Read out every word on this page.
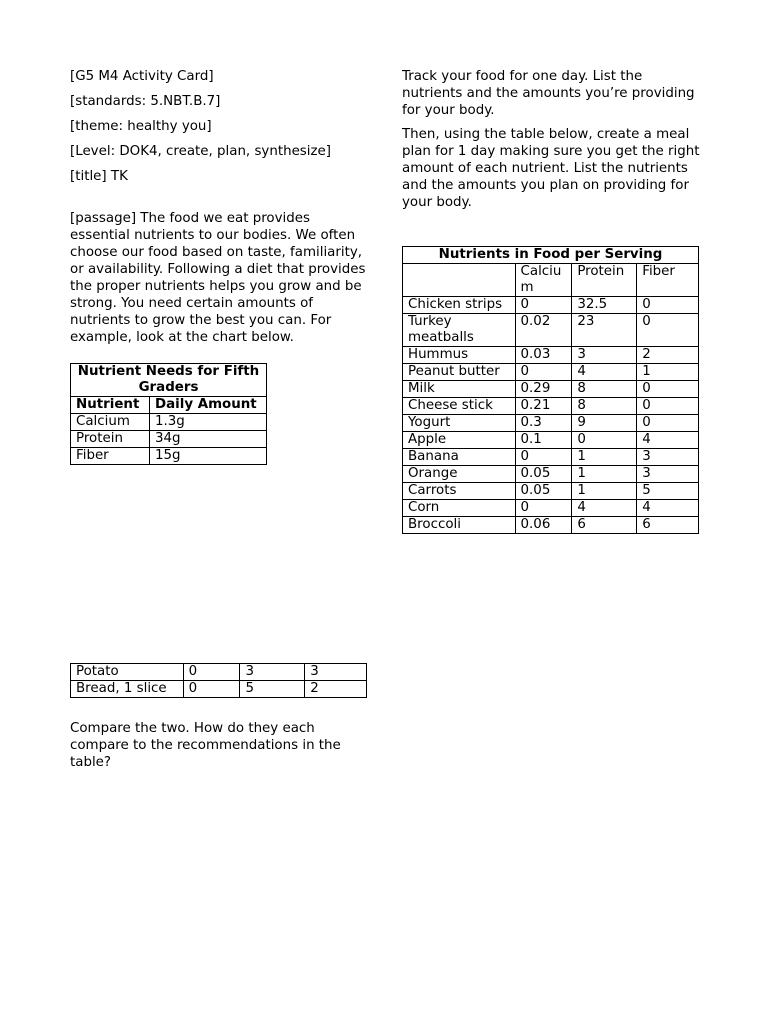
[G5 M4 Activity Card]

[standards: 5.NBT.B.7]

[theme: healthy you]

[Level: DOK4, create, plan, synthesize]

[title] TK

[passage] The food we eat provides essential nutrients to our bodies. We often choose our food based on taste, familiarity, or availability. Following a diet that provides the proper nutrients helps you grow and be strong. You need certain amounts of nutrients to grow the best you can. For example, look at the chart below.

Nutrient Needs for Fifth Graders	
Nutrient	Daily Amount
Calcium	1.3g
Protein	34g
Fiber	15g

Track your food for one day. List the nutrients and the amounts you’re providing for your body.

Then, using the table below, create a meal plan for 1 day making sure you get the right amount of each nutrient. List the nutrients and the amounts you plan on providing for your body.

Nutrients in Food per Serving			
	Calcium	Protein	Fiber
Chicken strips	0	32.5	0
Turkey meatballs	0.02	23	0
Hummus	0.03	3	2
Peanut butter	0	4	1
Milk	0.29	8	0
Cheese stick	0.21	8	0
Yogurt	0.3	9	0
Apple	0.1	0	4
Banana	0	1	3
Orange	0.05	1	3
Carrots	0.05	1	5
Corn	0	4	4
Broccoli	0.06	6	6
Potato	0	3	3
Bread, 1 slice	0	5	2

Compare the two. How do they each compare to the recommendations in the table?
